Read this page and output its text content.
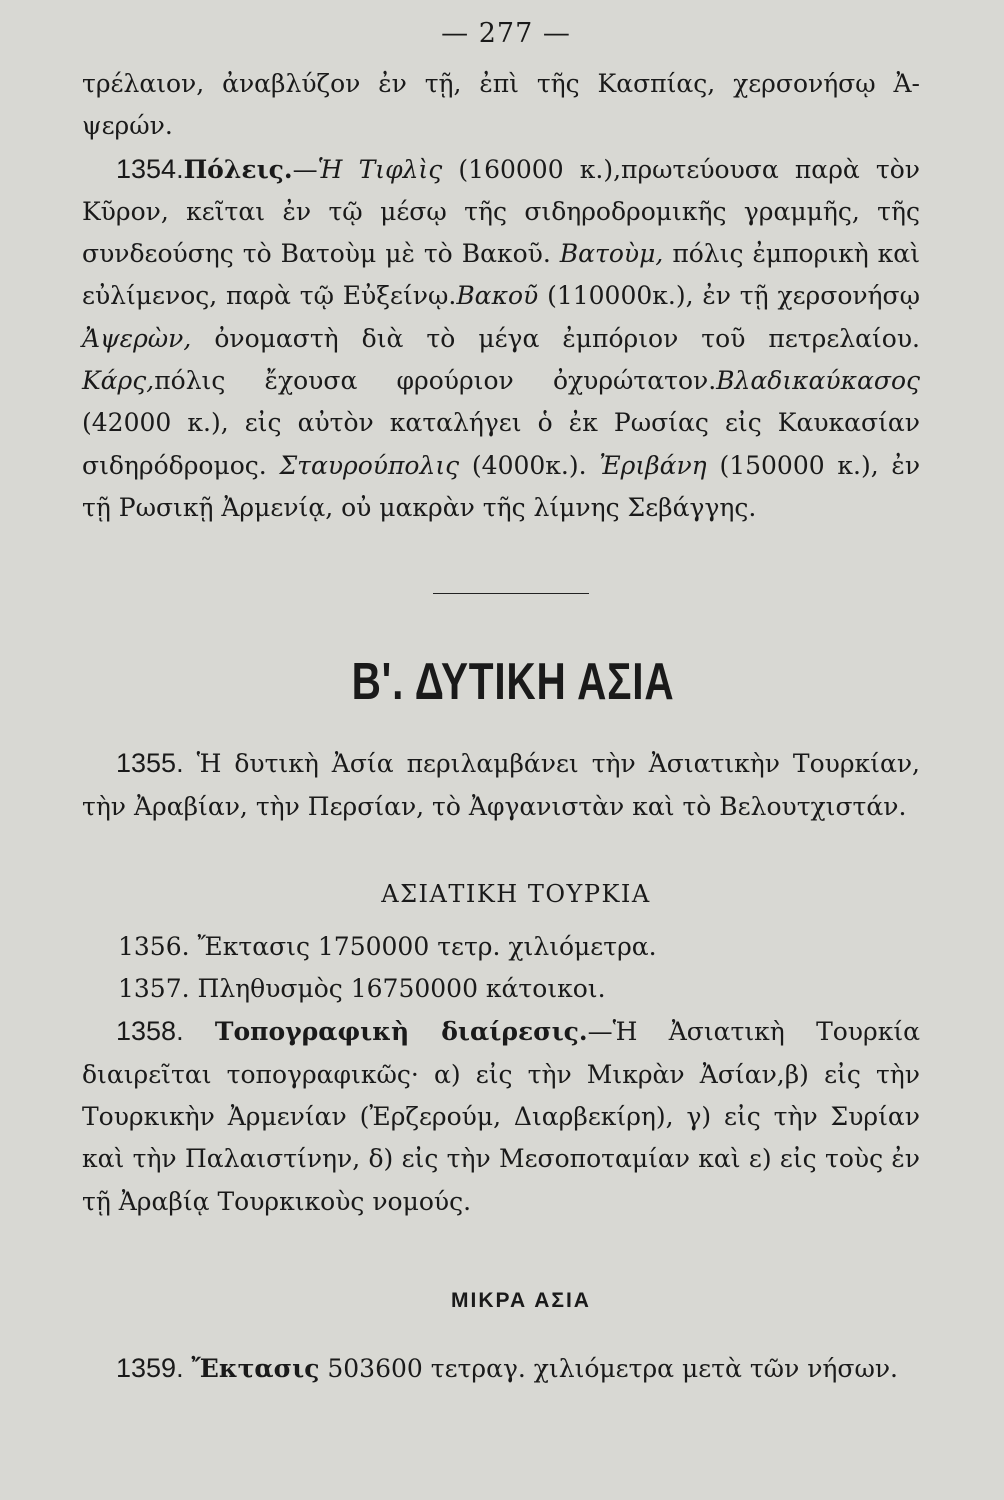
— 277 —

τρέλαιον, ἀναβλύζον ἐν τῇ, ἐπὶ τῆς Κασπίας, χερσονήσῳ Ἀ-ψερών.

1354.Πόλεις.—Ἡ Τιφλὶς (160000 κ.),πρωτεύουσα παρὰ τὸν Κῦρον, κεῖται ἐν τῷ μέσῳ τῆς σιδηροδρομικῆς γραμμῆς, τῆς συνδεούσης τὸ Βατοὺμ μὲ τὸ Βακοῦ. Βατοὺμ, πόλις ἐμπορικὴ καὶ εὐλίμενος, παρὰ τῷ Εὐξείνῳ.Βακοῦ (110000κ.), ἐν τῇ χερσονήσῳ Ἀψερὼν, ὀνομαστὴ διὰ τὸ μέγα ἐμπόριον τοῦ πετρελαίου. Κάρς,πόλις ἔχουσα φρούριον ὀχυρώτατον.Βλαδικαύκασος (42000 κ.), εἰς αὐτὸν καταλήγει ὁ ἐκ Ρωσίας εἰς Καυκασίαν σιδηρόδρομος. Σταυρούπολις (4000κ.). Ἐριβάνη (150000 κ.), ἐν τῇ Ρωσικῇ Ἀρμενίᾳ, οὐ μακρὰν τῆς λίμνης Σεβάγγης.

Β'. ΔΥΤΙΚΗ ΑΣΙΑ

1355. Ἡ δυτικὴ Ἀσία περιλαμβάνει τὴν Ἀσιατικὴν Τουρκίαν, τὴν Ἀραβίαν, τὴν Περσίαν, τὸ Ἀφγανιστὰν καὶ τὸ Βελουτχιστάν.

ΑΣΙΑΤΙΚΗ ΤΟΥΡΚΙΑ

1356. Ἔκτασις 1750000 τετρ. χιλιόμετρα.

1357. Πληθυσμὸς 16750000 κάτοικοι.

1358. Τοπογραφικὴ διαίρεσις.—Ἡ Ἀσιατικὴ Τουρκία διαιρεῖται τοπογραφικῶς· α) εἰς τὴν Μικρὰν Ἀσίαν,β) εἰς τὴν Τουρκικὴν Ἀρμενίαν (Ἐρζερούμ, Διαρβεκίρη), γ) εἰς τὴν Συρίαν καὶ τὴν Παλαιστίνην, δ) εἰς τὴν Μεσοποταμίαν καὶ ε) εἰς τοὺς ἐν τῇ Ἀραβίᾳ Τουρκικοὺς νομούς.

ΜΙΚΡΑ ΑΣΙΑ

1359. Ἔκτασις 503600 τετραγ. χιλιόμετρα μετὰ τῶν νήσων.
